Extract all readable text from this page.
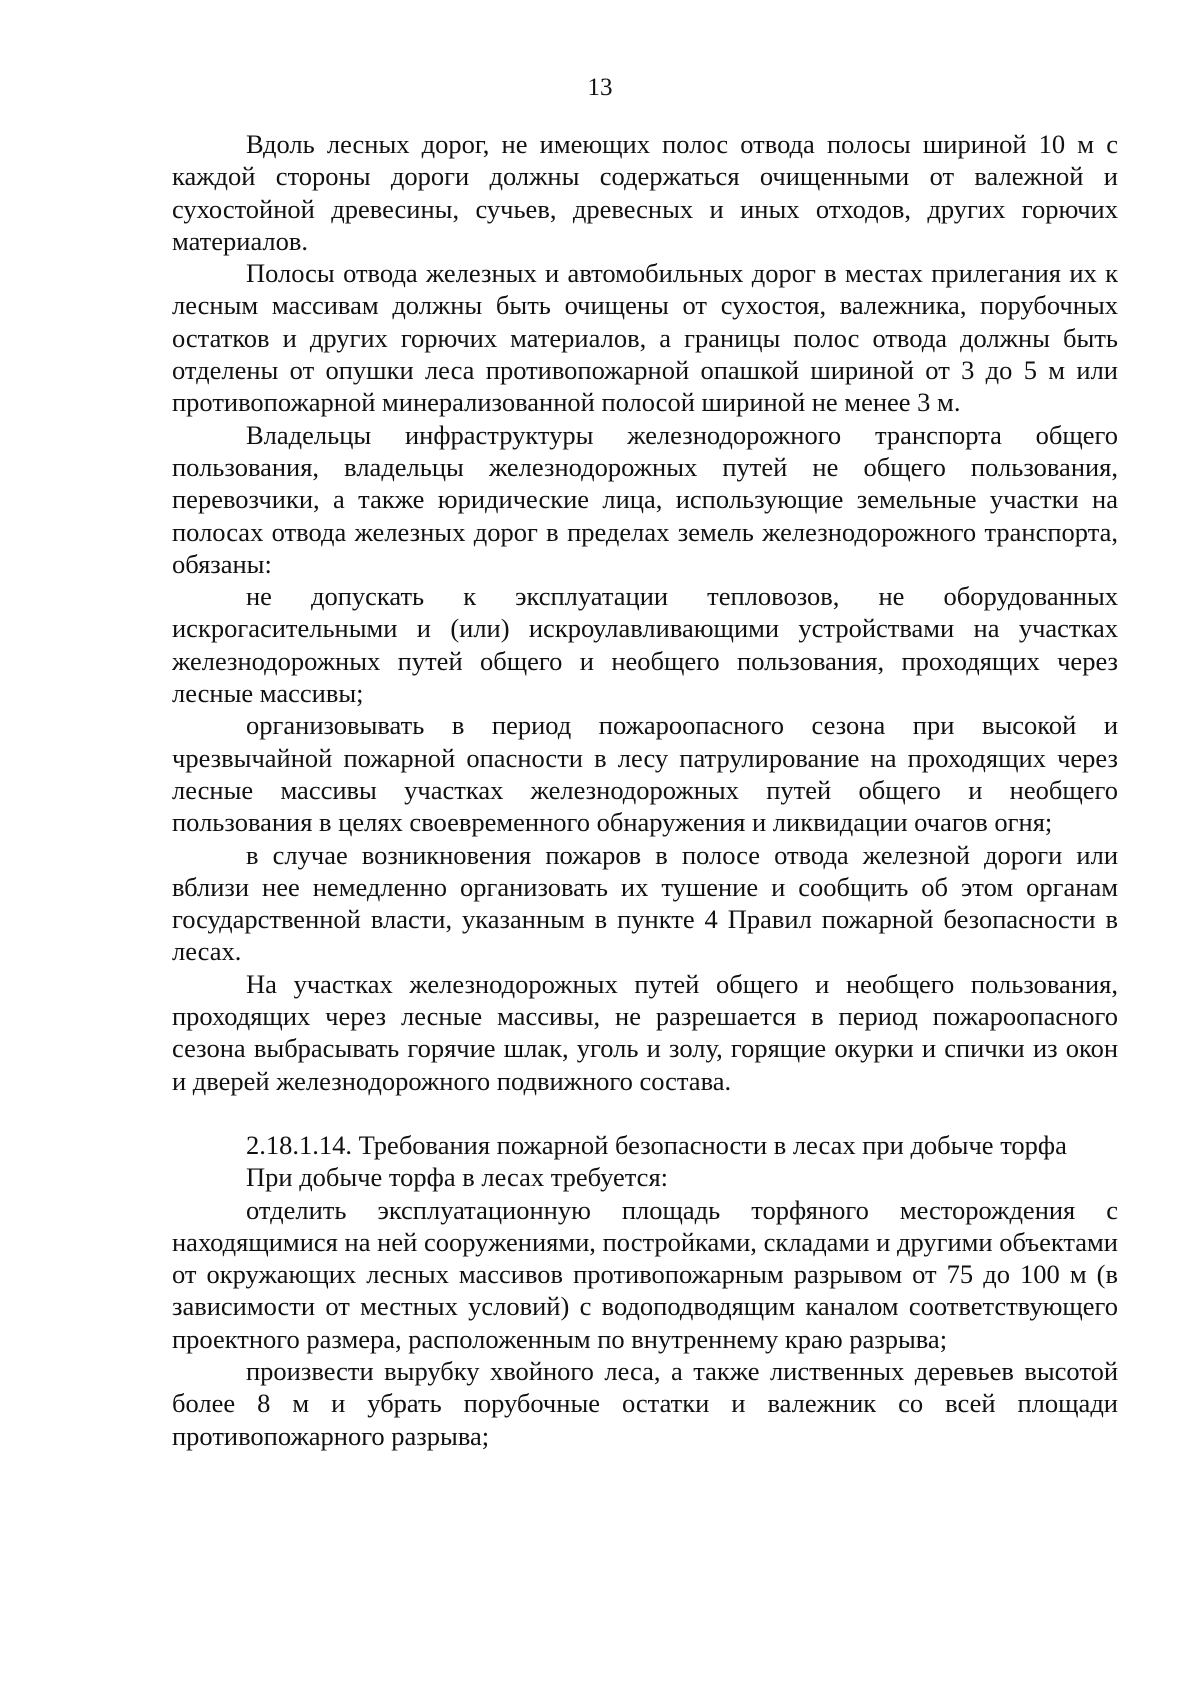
13

Вдоль лесных дорог, не имеющих полос отвода полосы шириной 10 м с каждой стороны дороги должны содержаться очищенными от валежной и сухостойной древесины, сучьев, древесных и иных отходов, других горючих материалов.

Полосы отвода железных и автомобильных дорог в местах прилегания их к лесным массивам должны быть очищены от сухостоя, валежника, порубочных остатков и других горючих материалов, а границы полос отвода должны быть отделены от опушки леса противопожарной опашкой шириной от 3 до 5 м или противопожарной минерализованной полосой шириной не менее 3 м.

Владельцы инфраструктуры железнодорожного транспорта общего пользования, владельцы железнодорожных путей не общего пользования, перевозчики, а также юридические лица, использующие земельные участки на полосах отвода железных дорог в пределах земель железнодорожного транспорта, обязаны:

не допускать к эксплуатации тепловозов, не оборудованных искрогасительными и (или) искроулавливающими устройствами на участках железнодорожных путей общего и необщего пользования, проходящих через лесные массивы;

организовывать в период пожароопасного сезона при высокой и чрезвычайной пожарной опасности в лесу патрулирование на проходящих через лесные массивы участках железнодорожных путей общего и необщего пользования в целях своевременного обнаружения и ликвидации очагов огня;

в случае возникновения пожаров в полосе отвода железной дороги или вблизи нее немедленно организовать их тушение и сообщить об этом органам государственной власти, указанным в пункте 4 Правил пожарной безопасности в лесах.

На участках железнодорожных путей общего и необщего пользования, проходящих через лесные массивы, не разрешается в период пожароопасного сезона выбрасывать горячие шлак, уголь и золу, горящие окурки и спички из окон и дверей железнодорожного подвижного состава.

2.18.1.14. Требования пожарной безопасности в лесах при добыче торфа

При добыче торфа в лесах требуется:

отделить эксплуатационную площадь торфяного месторождения с находящимися на ней сооружениями, постройками, складами и другими объектами от окружающих лесных массивов противопожарным разрывом от 75 до 100 м (в зависимости от местных условий) с водоподводящим каналом соответствующего проектного размера, расположенным по внутреннему краю разрыва;

произвести вырубку хвойного леса, а также лиственных деревьев высотой более 8 м и убрать порубочные остатки и валежник со всей площади противопожарного разрыва;
